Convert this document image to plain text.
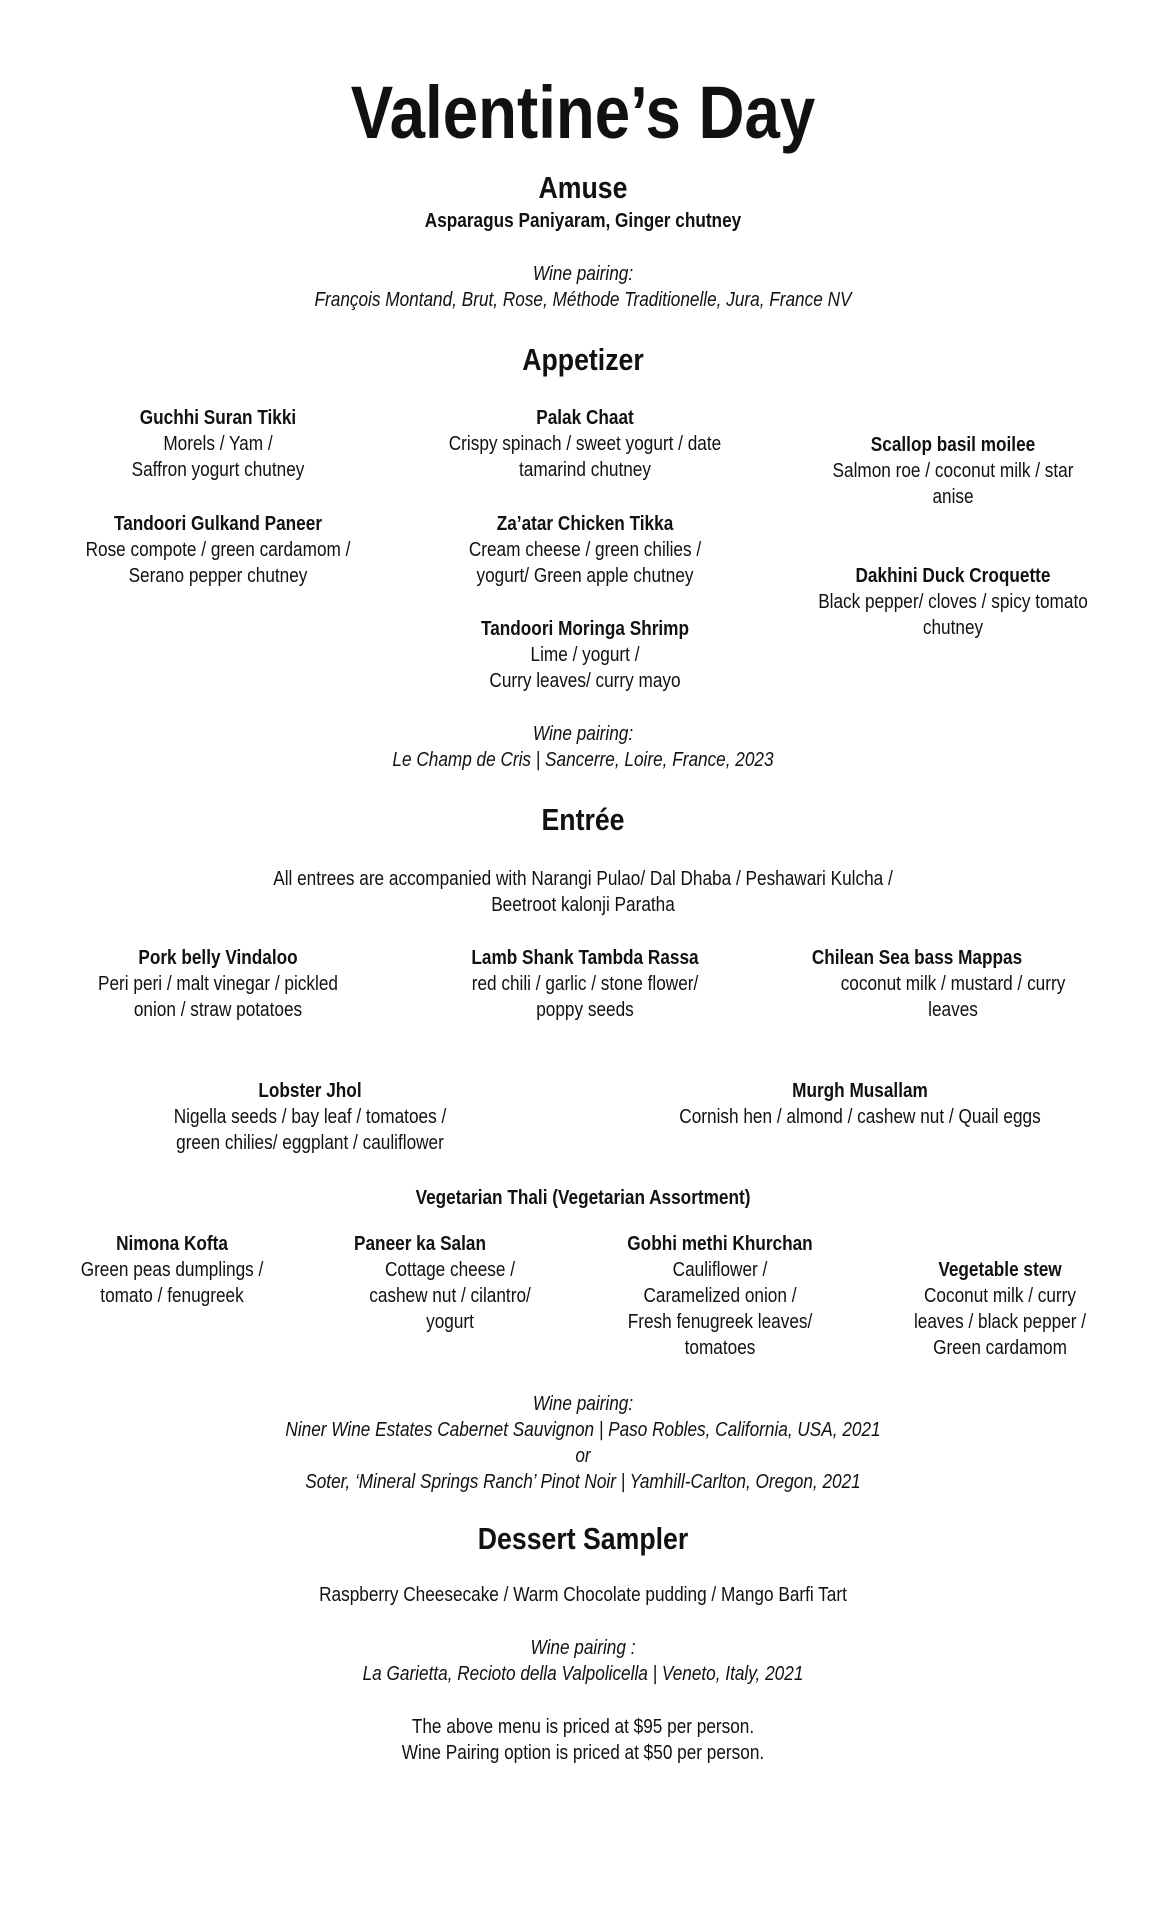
Valentine’s Day
Amuse
Asparagus Paniyaram, Ginger chutney
Wine pairing:
François Montand, Brut, Rose, Méthode Traditionelle, Jura, France NV
Appetizer
Guchhi Suran Tikki
Morels / Yam /
Saffron yogurt chutney
Tandoori Gulkand Paneer
Rose compote / green cardamom /
Serano pepper chutney
Palak Chaat
Crispy spinach / sweet yogurt / date
tamarind chutney
Za’atar Chicken Tikka
Cream cheese / green chilies /
yogurt/ Green apple chutney
Tandoori Moringa Shrimp
Lime / yogurt /
Curry leaves/ curry mayo
Scallop basil moilee
Salmon roe / coconut milk / star
anise
Dakhini Duck Croquette
Black pepper/ cloves / spicy tomato
chutney
Wine pairing:
Le Champ de Cris | Sancerre, Loire, France, 2023
Entrée
All entrees are accompanied with Narangi Pulao/ Dal Dhaba / Peshawari Kulcha /
Beetroot kalonji Paratha
Pork belly Vindaloo
Peri peri / malt vinegar / pickled
onion / straw potatoes
Lamb Shank Tambda Rassa
red chili / garlic / stone flower/
poppy seeds
Chilean Sea bass Mappas
coconut milk / mustard / curry
leaves
Lobster Jhol
Nigella seeds / bay leaf / tomatoes /
green chilies/ eggplant / cauliflower
Murgh Musallam
Cornish hen / almond / cashew nut / Quail eggs
Vegetarian Thali (Vegetarian Assortment)
Nimona Kofta
Green peas dumplings /
tomato / fenugreek
Paneer ka Salan
Cottage cheese /
cashew nut / cilantro/
yogurt
Gobhi methi Khurchan
Cauliflower /
Caramelized onion /
Fresh fenugreek leaves/
tomatoes
Vegetable stew
Coconut milk / curry
leaves / black pepper /
Green cardamom
Wine pairing:
Niner Wine Estates Cabernet Sauvignon | Paso Robles, California, USA, 2021
or
Soter, ‘Mineral Springs Ranch’ Pinot Noir | Yamhill-Carlton, Oregon, 2021
Dessert Sampler
Raspberry Cheesecake / Warm Chocolate pudding / Mango Barfi Tart
Wine pairing :
La Garietta, Recioto della Valpolicella | Veneto, Italy, 2021
The above menu is priced at $95 per person.
Wine Pairing option is priced at $50 per person.
